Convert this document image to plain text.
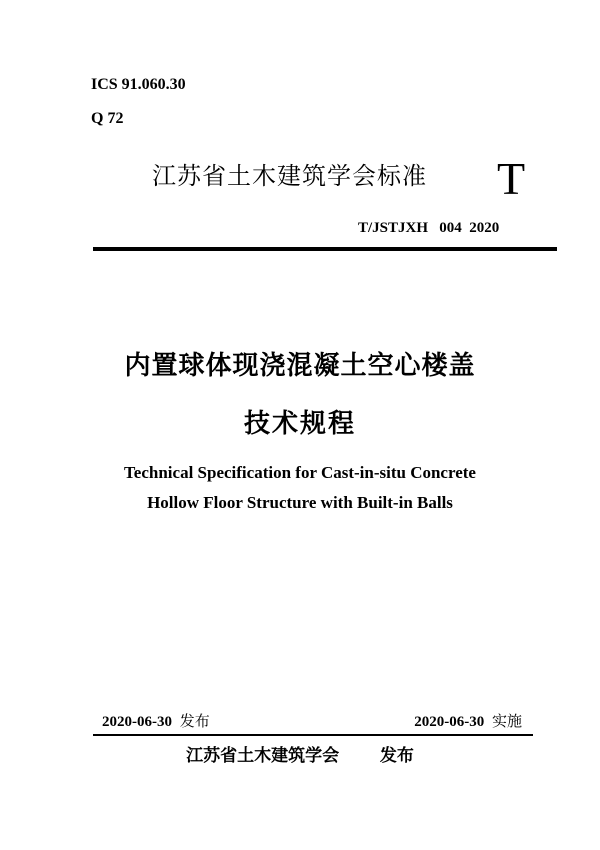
ICS 91.060.30
Q 72
江苏省土木建筑学会标准 T
T/JSTJXH   004  2020
内置球体现浇混凝土空心楼盖
技术规程
Technical Specification for Cast-in-situ Concrete
Hollow Floor Structure with Built-in Balls
2020-06-30 发布	2020-06-30 实施
江苏省土木建筑学会 发布
